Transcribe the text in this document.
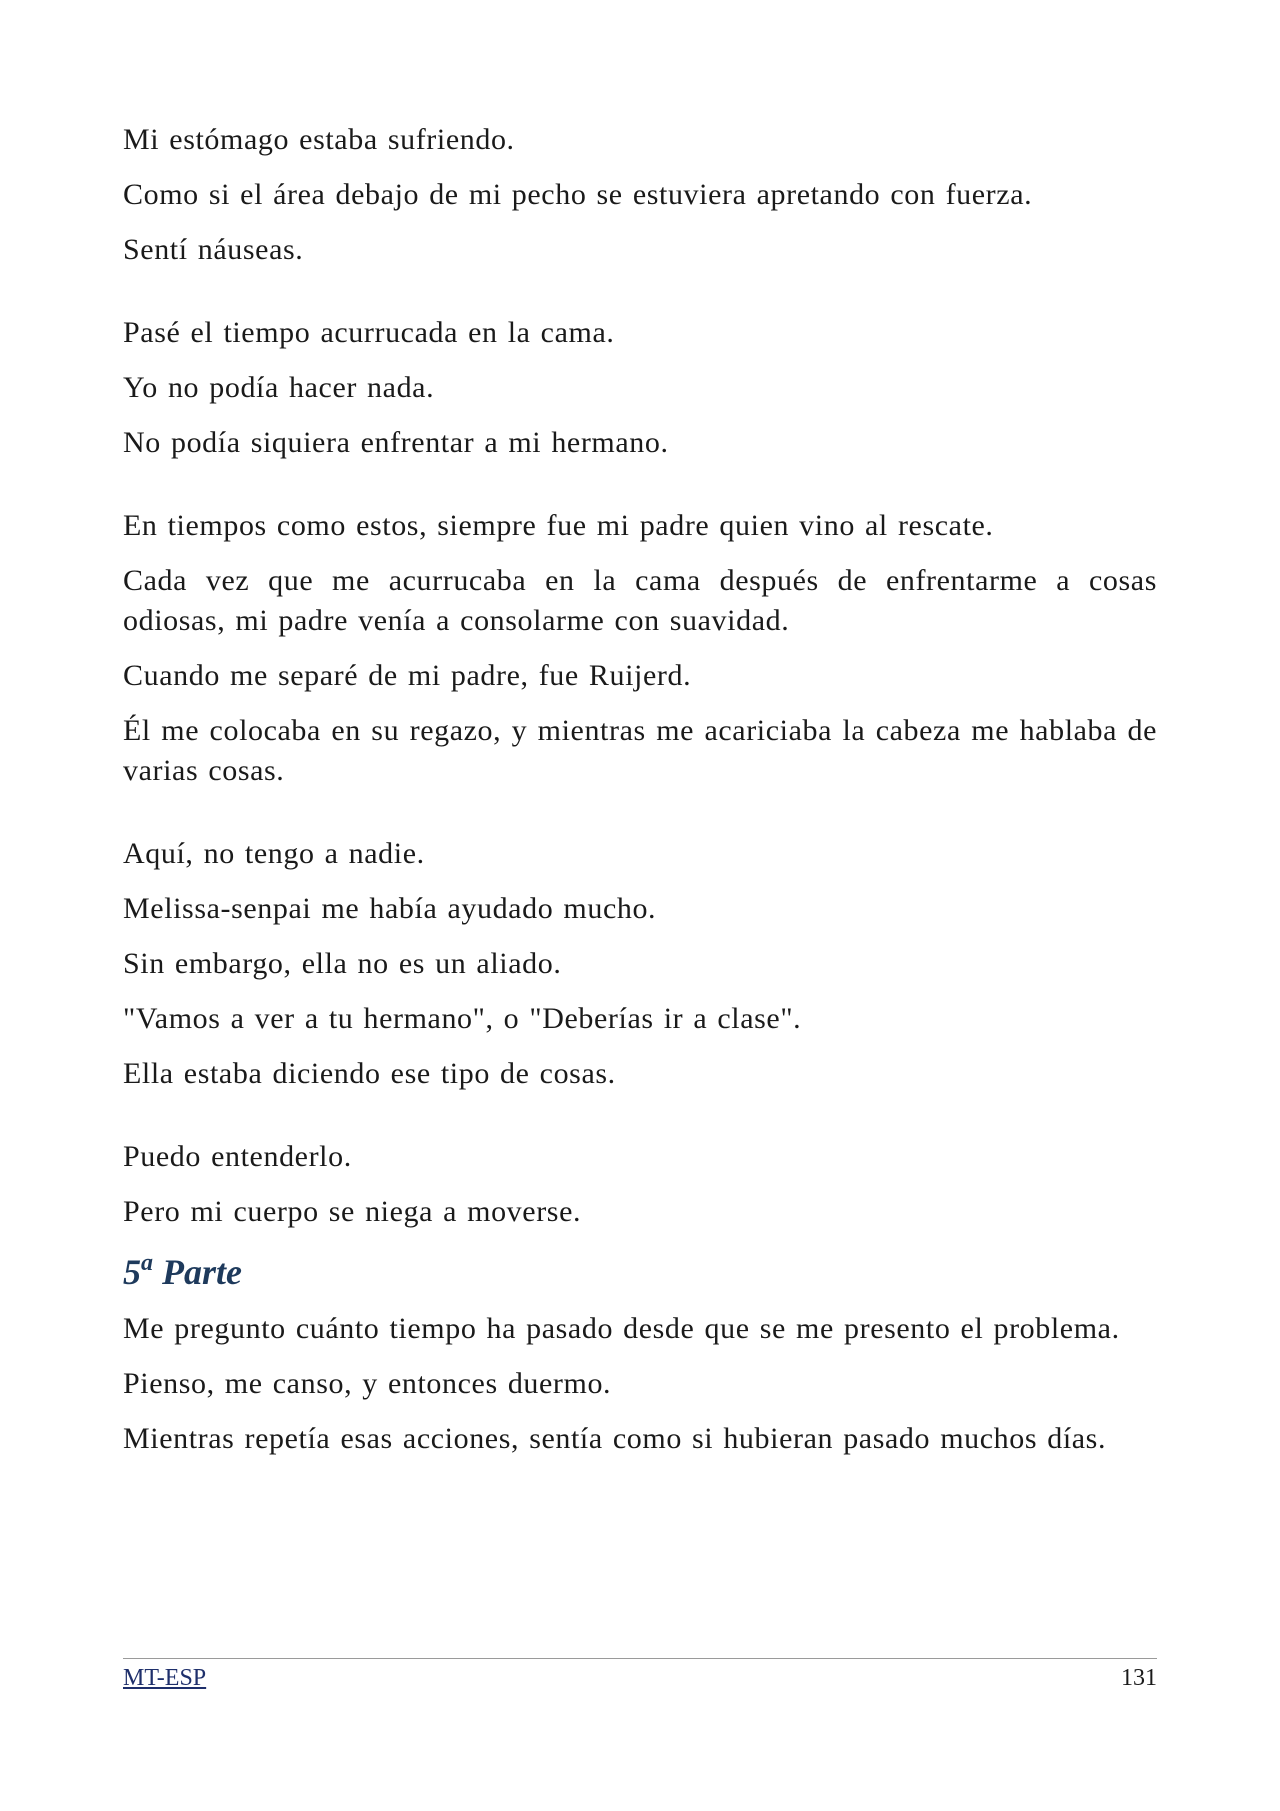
Mi estómago estaba sufriendo.

Como si el área debajo de mi pecho se estuviera apretando con fuerza.

Sentí náuseas.

Pasé el tiempo acurrucada en la cama.

Yo no podía hacer nada.

No podía siquiera enfrentar a mi hermano.

En tiempos como estos, siempre fue mi padre quien vino al rescate.

Cada vez que me acurrucaba en la cama después de enfrentarme a cosas odiosas, mi padre venía a consolarme con suavidad.

Cuando me separé de mi padre, fue Ruijerd.

Él me colocaba en su regazo, y mientras me acariciaba la cabeza me hablaba de varias cosas.

Aquí, no tengo a nadie.

Melissa-senpai me había ayudado mucho.

Sin embargo, ella no es un aliado.

"Vamos a ver a tu hermano", o "Deberías ir a clase".

Ella estaba diciendo ese tipo de cosas.

Puedo entenderlo.

Pero mi cuerpo se niega a moverse.

5$^a$ Parte

Me pregunto cuánto tiempo ha pasado desde que se me presento el problema.

Pienso, me canso, y entonces duermo.

Mientras repetía esas acciones, sentía como si hubieran pasado muchos días.

MT-ESP	131
